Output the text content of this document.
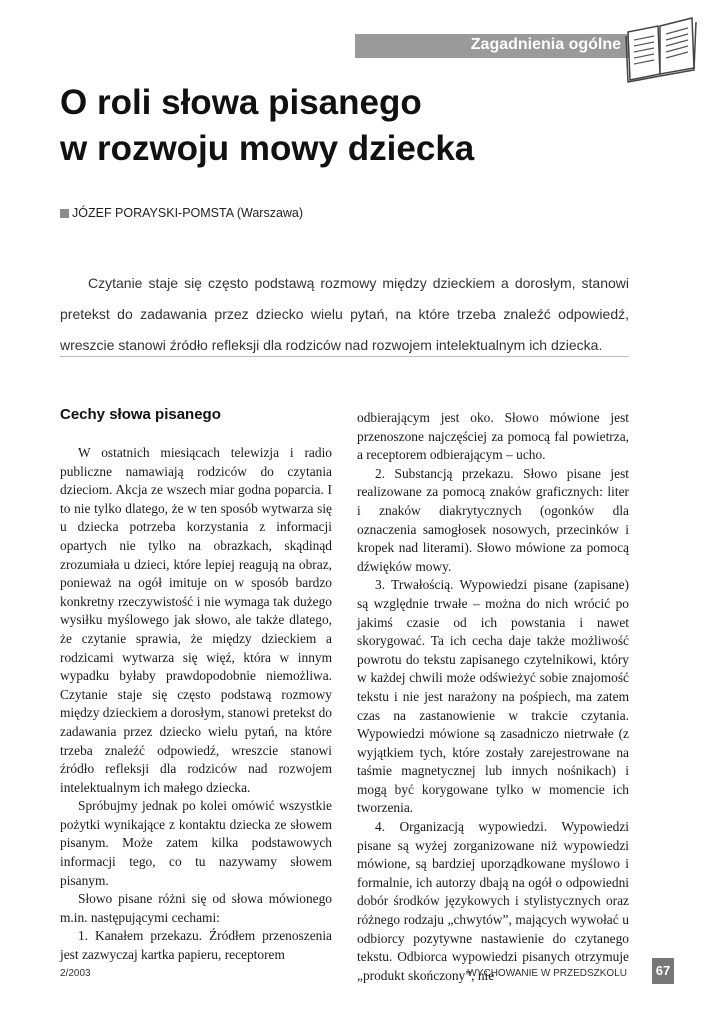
Zagadnienia ogólne
O roli słowa pisanego
w rozwoju mowy dziecka
JÓZEF PORAYSKI-POMSTA (Warszawa)

Czytanie staje się często podstawą rozmowy między dzieckiem a dorosłym, stanowi pretekst do zadawania przez dziecko wielu pytań, na które trzeba znaleźć odpowiedź, wreszcie stanowi źródło refleksji dla rodziców nad rozwojem intelektualnym ich dziecka.

Cechy słowa pisanego

W ostatnich miesiącach telewizja i radio publiczne namawiają rodziców do czytania dzieciom. Akcja ze wszech miar godna poparcia. I to nie tylko dlatego, że w ten sposób wytwarza się u dziecka potrzeba korzystania z informacji opartych nie tylko na obrazkach, skądinąd zrozumiała u dzieci, które lepiej reagują na obraz, ponieważ na ogół imituje on w sposób bardzo konkretny rzeczywistość i nie wymaga tak dużego wysiłku myślowego jak słowo, ale także dlatego, że czytanie sprawia, że między dzieckiem a rodzicami wytwarza się więź, która w innym wypadku byłaby prawdopodobnie niemożliwa. Czytanie staje się często podstawą rozmowy między dzieckiem a dorosłym, stanowi pretekst do zadawania przez dziecko wielu pytań, na które trzeba znaleźć odpowiedź, wreszcie stanowi źródło refleksji dla rodziców nad rozwojem intelektualnym ich małego dziecka.

Spróbujmy jednak po kolei omówić wszystkie pożytki wynikające z kontaktu dziecka ze słowem pisanym. Może zatem kilka podstawowych informacji tego, co tu nazywamy słowem pisanym.

Słowo pisane różni się od słowa mówionego m.in. następującymi cechami:

1. Kanałem przekazu. Źródłem przenoszenia jest zazwyczaj kartka papieru, receptorem

odbierającym jest oko. Słowo mówione jest przenoszone najczęściej za pomocą fal powietrza, a receptorem odbierającym – ucho.

2. Substancją przekazu. Słowo pisane jest realizowane za pomocą znaków graficznych: liter i znaków diakrytycznych (ogonków dla oznaczenia samogłosek nosowych, przecinków i kropek nad literami). Słowo mówione za pomocą dźwięków mowy.

3. Trwałością. Wypowiedzi pisane (zapisane) są względnie trwałe – można do nich wrócić po jakimś czasie od ich powstania i nawet skorygować. Ta ich cecha daje także możliwość powrotu do tekstu zapisanego czytelnikowi, który w każdej chwili może odświeżyć sobie znajomość tekstu i nie jest narażony na pośpiech, ma zatem czas na zastanowienie w trakcie czytania. Wypowiedzi mówione są zasadniczo nietrwałe (z wyjątkiem tych, które zostały zarejestrowane na taśmie magnetycznej lub innych nośnikach) i mogą być korygowane tylko w momencie ich tworzenia.

4. Organizacją wypowiedzi. Wypowiedzi pisane są wyżej zorganizowane niż wypowiedzi mówione, są bardziej uporządkowane myślowo i formalnie, ich autorzy dbają na ogół o odpowiedni dobór środków językowych i stylistycznych oraz różnego rodzaju „chwytów”, mających wywołać u odbiorcy pozytywne nastawienie do czytanego tekstu. Odbiorca wypowiedzi pisanych otrzymuje „produkt skończony”, nie

2/2003	WYCHOWANIE W PRZEDSZKOLU 67
